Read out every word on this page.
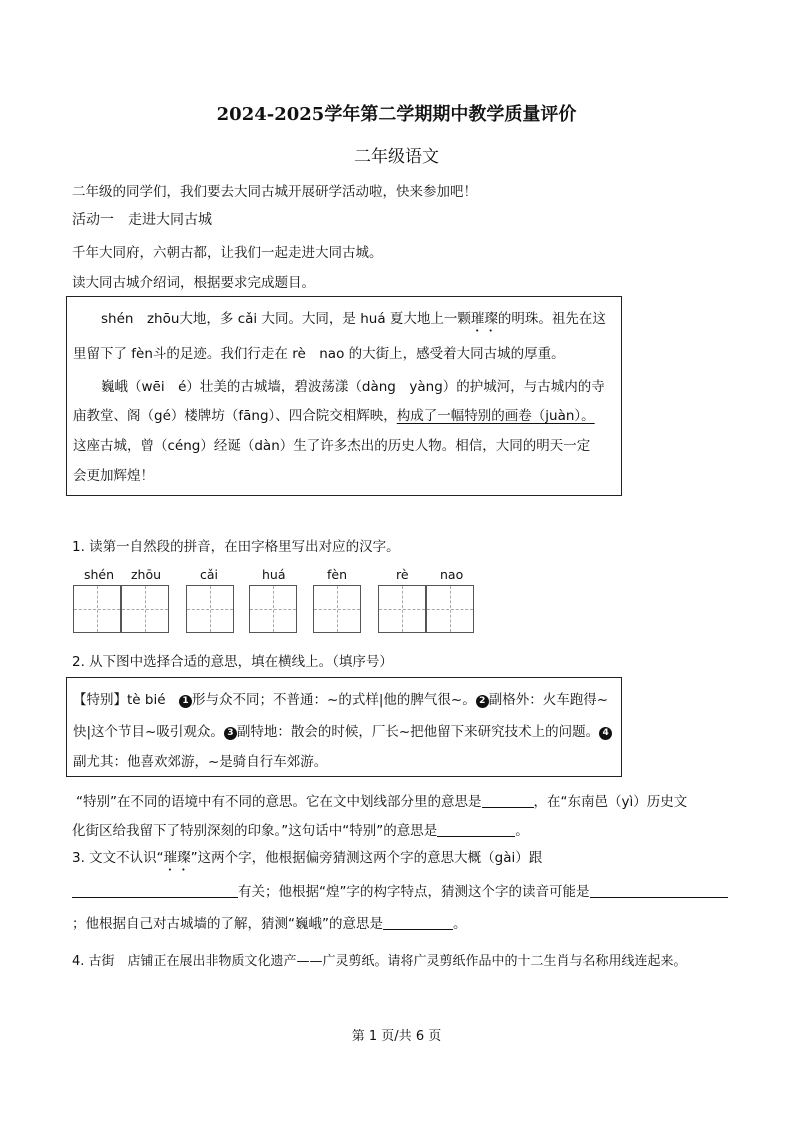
2024-2025学年第二学期期中教学质量评价
二年级语文
二年级的同学们，我们要去大同古城开展研学活动啦，快来参加吧！
活动一　走进大同古城
千年大同府，六朝古都，让我们一起走进大同古城。
读大同古城介绍词，根据要求完成题目。

shén　zhōu大地，多 cǎi 大同。大同，是 huá 夏大地上一颗璀璨的明珠。祖先在这

里留下了 fèn斗的足迹。我们行走在 rè　nao 的大街上，感受着大同古城的厚重。

巍峨（wēi　é）壮美的古城墙，碧波荡漾（dàng　yàng）的护城河，与古城内的寺

庙教堂、阁（gé）楼牌坊（fāng）、四合院交相辉映，构成了一幅特别的画卷（juàn）。

这座古城，曾（céng）经诞（dàn）生了许多杰出的历史人物。相信，大同的明天一定

会更加辉煌！

1. 读第一自然段的拼音，在田字格里写出对应的汉字。
shén zhōu	cǎi	huá	fèn	rè	nao
2. 从下图中选择合适的意思，填在横线上。（填序号）

【特别】tè bié　 1 形与众不同；不普通：~的式样|他的脾气很~。 2 副格外：火车跑得~

快|这个节目~吸引观众。 3 副特地：散会的时候，厂长~把他留下来研究技术上的问题。 4

副尤其：他喜欢郊游，~是骑自行车郊游。

“特别”在不同的语境中有不同的意思。它在文中划线部分里的意思是	，在“东南邑（yì）历史文
化街区给我留下了特别深刻的印象。”这句话中“特别”的意思是	。
3. 文文不认识“璀璨”这两个字，他根据偏旁猜测这两个字的意思大概（gài）跟
有关；他根据“煌”字的构字特点，猜测这个字的读音可能是
；他根据自己对古城墙的了解，猜测“巍峨”的意思是	。
4. 古街　店铺正在展出非物质文化遗产——广灵剪纸。请将广灵剪纸作品中的十二生肖与名称用线连起来。
第 1 页/共 6 页
